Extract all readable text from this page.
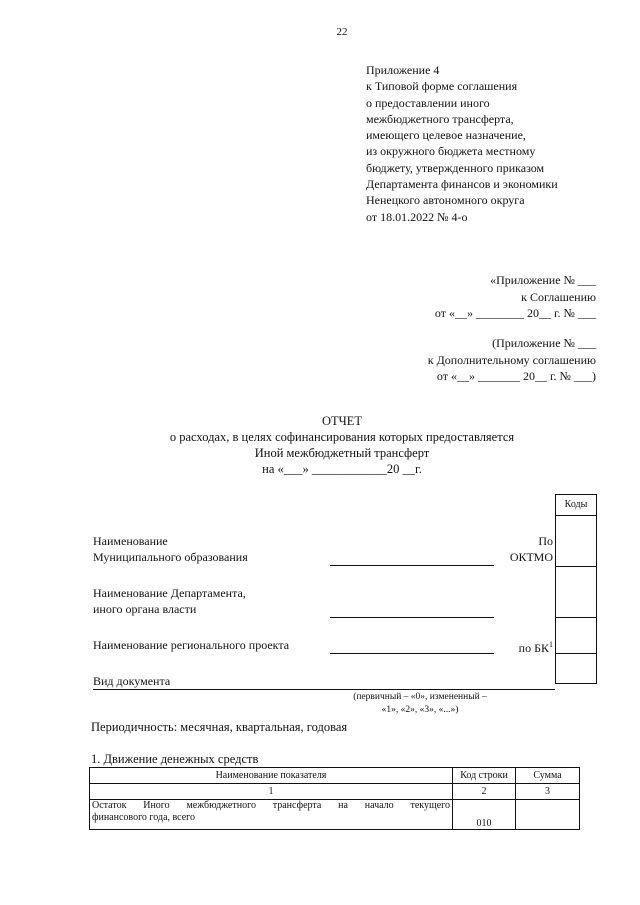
22
Приложение 4
к Типовой форме соглашения
о предоставлении иного
межбюджетного трансферта,
имеющего целевое назначение,
из окружного бюджета местному
бюджету, утвержденного приказом
Департамента финансов и экономики
Ненецкого автономного округа
от 18.01.2022 № 4-о
«Приложение № ___
к Соглашению
от «__» ________ 20__ г. № ___
(Приложение № ___
к Дополнительному соглашению
от «__» _______ 20__ г. № ___)
ОТЧЕТ
о расходах, в целях софинансирования которых предоставляется
Иной межбюджетный трансферт
на «___» ____________20 __г.
Коды
Наименование
Муниципального образования
По
ОКТМО
Наименование Департамента,
иного органа власти
Наименование регионального проекта	по $БК^1$
Вид документа
(первичный – «0», измененный –
«1», «2», «3», «...»)
Периодичность: месячная, квартальная, годовая
1. Движение денежных средств
Наименование показателя	Код строки	Сумма
1	2	3

Остаток Иного межбюджетного трансферта на начало текущего
финансового года, всего	010	
